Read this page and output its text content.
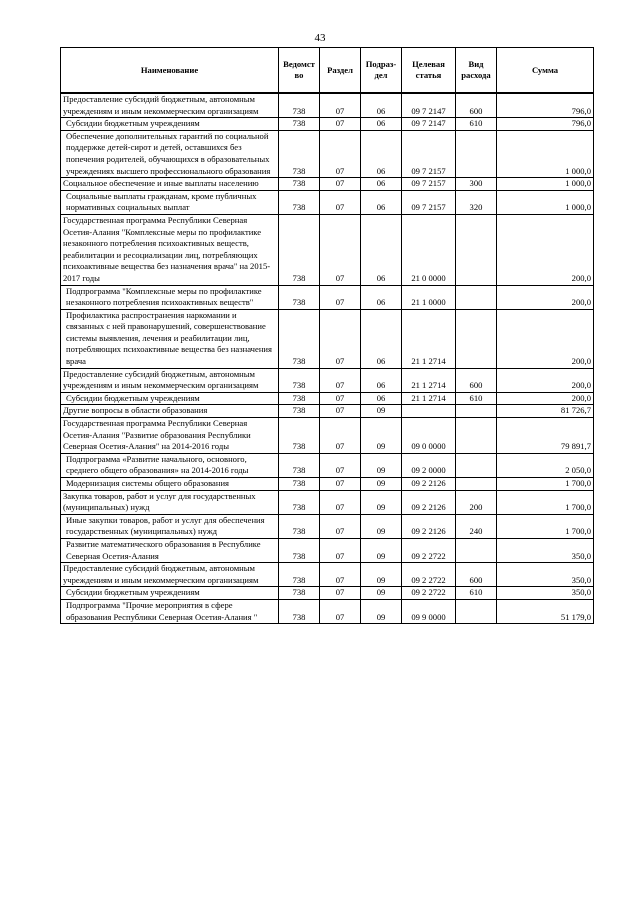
43
Наименование	Ведомст во	Раздел	Подраз- дел	Целевая статья	Вид расхода	Сумма
Предоставление субсидий бюджетным, автономным учреждениям и иным некоммерческим организациям	738	07	06	09 7 2147	600	796,0
Субсидии бюджетным учреждениям	738	07	06	09 7 2147	610	796,0
Обеспечение дополнительных гарантий по социальной поддержке детей-сирот и детей, оставшихся без попечения родителей, обучающихся в образовательных учреждениях высшего профессионального образования	738	07	06	09 7 2157		1 000,0
Социальное обеспечение и иные выплаты населению	738	07	06	09 7 2157	300	1 000,0
Социальные выплаты гражданам, кроме публичных нормативных социальных выплат	738	07	06	09 7 2157	320	1 000,0
Государственная программа Республики Северная Осетия-Алания "Комплексные меры по профилактике незаконного потребления психоактивных веществ, реабилитации и ресоциализации лиц, потребляющих психоактивные вещества без назначения врача" на 2015-2017 годы	738	07	06	21 0 0000		200,0
Подпрограмма "Комплексные меры по профилактике незаконного потребления психоактивных веществ"	738	07	06	21 1 0000		200,0
Профилактика распространения наркомании и связанных с ней правонарушений, совершенствование системы выявления, лечения и реабилитации лиц, потребляющих психоактивные вещества без назначения врача	738	07	06	21 1 2714		200,0
Предоставление субсидий бюджетным, автономным учреждениям и иным некоммерческим организациям	738	07	06	21 1 2714	600	200,0
Субсидии бюджетным учреждениям	738	07	06	21 1 2714	610	200,0
Другие вопросы в области образования	738	07	09			81 726,7
Государственная программа Республики Северная Осетия-Алания "Развитие образования Республики Северная Осетия-Алания" на 2014-2016 годы	738	07	09	09 0 0000		79 891,7
Подпрограмма «Развитие начального, основного, среднего общего образования» на 2014-2016 годы	738	07	09	09 2 0000		2 050,0
Модернизация системы общего образования	738	07	09	09 2 2126		1 700,0
Закупка товаров, работ и услуг для государственных (муниципальных) нужд	738	07	09	09 2 2126	200	1 700,0
Иные закупки товаров, работ и услуг для обеспечения государственных (муниципальных) нужд	738	07	09	09 2 2126	240	1 700,0
Развитие математического образования в Республике Северная Осетия-Алания	738	07	09	09 2 2722		350,0
Предоставление субсидий бюджетным, автономным учреждениям и иным некоммерческим организациям	738	07	09	09 2 2722	600	350,0
Субсидии бюджетным учреждениям	738	07	09	09 2 2722	610	350,0
Подпрограмма "Прочие мероприятия в сфере образования Республики Северная Осетия-Алания "	738	07	09	09 9 0000		51 179,0
